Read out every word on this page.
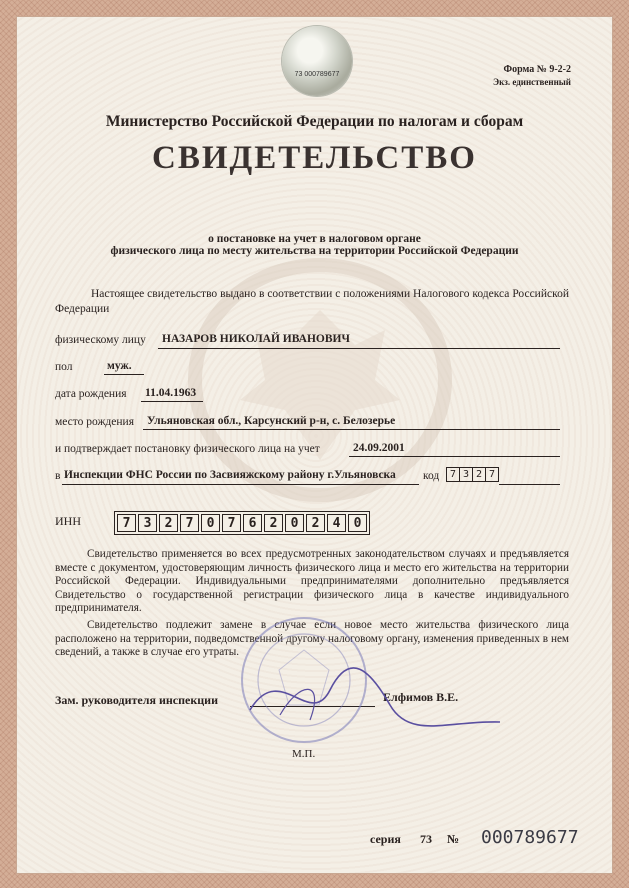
73 000789677	Форма № 9-2-2
Экз. единственный
Министерство Российской Федерации по налогам и сборам
СВИДЕТЕЛЬСТВО
о постановке на учет в налоговом органе
физического лица по месту жительства на территории Российской Федерации
Настоящее свидетельство выдано в соответствии с положениями Налогового кодекса Российской Федерации
физическому лицу НАЗАРОВ НИКОЛАЙ ИВАНОВИЧ
пол	муж.
дата рождения 11.04.1963
место рождения Ульяновская обл., Карсунский р-н, с. Белозерье
и подтверждает постановку физического лица на учет	24.09.2001
в Инспекции ФНС России по Засвияжскому району г.Ульяновска код 7 3 2 7
ИНН	7	3	2	7	0	7	6	2	0	2	4	0
Свидетельство применяется во всех предусмотренных законодательством случаях и предъявляется вместе с документом, удостоверяющим личность физического лица и место его жительства на территории Российской Федерации. Индивидуальными предпринимателями дополнительно предъявляется Свидетельство о государственной регистрации физического лица в качестве индивидуального предпринимателя.
Свидетельство подлежит замене в случае если новое место жительства физического лица расположено на территории, подведомственной другому налоговому органу, изменения приведенных в нем сведений, а также в случае его утраты.
Зам. руководителя инспекции	Елфимов В.Е.
М.П.
серия 73 № 000789677
